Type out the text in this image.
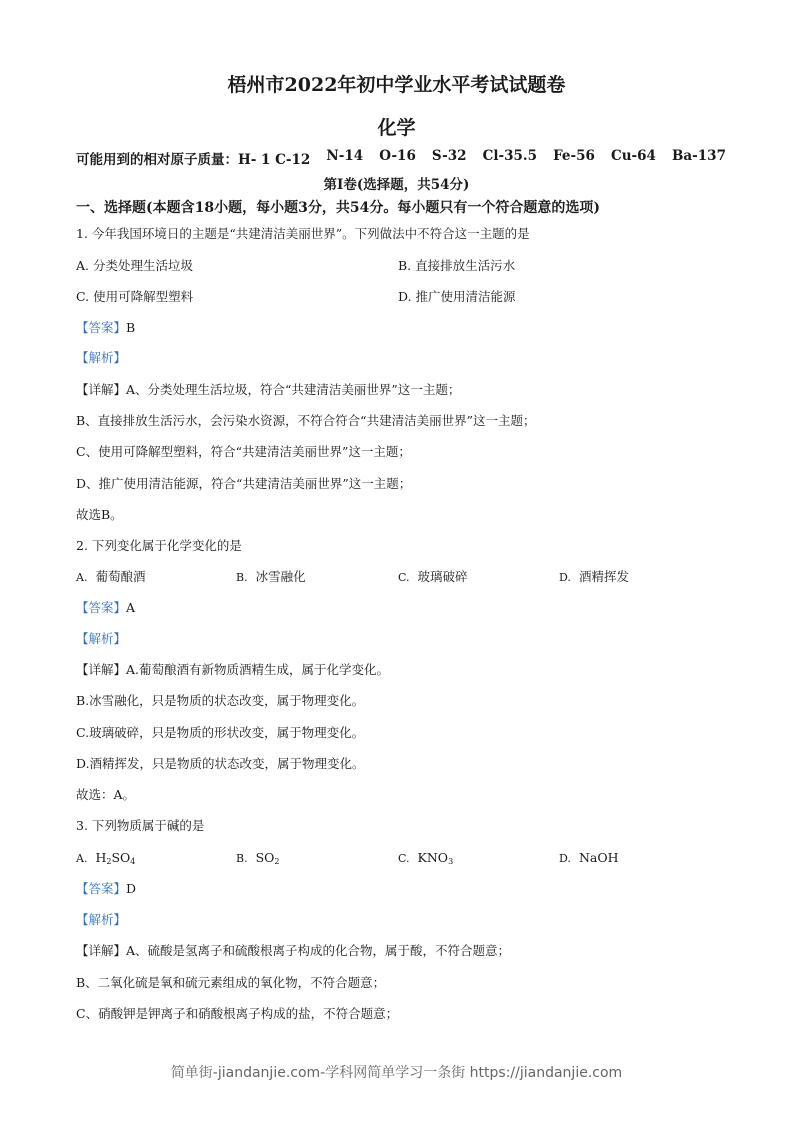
梧州市2022年初中学业水平考试试题卷
化学
可能用到的相对原子质量：H- 1 C-12 N-14 O-16 S-32 Cl-35.5 Fe-56 Cu-64 Ba-137
第Ⅰ卷(选择题，共54分)
一、选择题(本题含18小题，每小题3分，共54分。每小题只有一个符合题意的选项)
1. 今年我国环境日的主题是“共建清洁美丽世界”。下列做法中不符合这一主题的是
A. 分类处理生活垃圾	B. 直接排放生活污水
C. 使用可降解型塑料	D. 推广使用清洁能源
【答案】B
【解析】
【详解】A、分类处理生活垃圾，符合“共建清洁美丽世界”这一主题；
B、直接排放生活污水，会污染水资源，不符合符合“共建清洁美丽世界”这一主题；
C、使用可降解型塑料，符合“共建清洁美丽世界”这一主题；
D、推广使用清洁能源，符合“共建清洁美丽世界”这一主题；
故选B。
2. 下列变化属于化学变化的是
A. 葡萄酿酒	B. 冰雪融化	C. 玻璃破碎	D. 酒精挥发
【答案】A
【解析】
【详解】A.葡萄酿酒有新物质酒精生成，属于化学变化。
B.冰雪融化，只是物质的状态改变，属于物理变化。
C.玻璃破碎，只是物质的形状改变，属于物理变化。
D.酒精挥发，只是物质的状态改变，属于物理变化。
故选：A。
3. 下列物质属于碱的是
A. $H_2SO_4$	B. $SO_2$	C. $KNO_3$	D. NaOH
【答案】D
【解析】
【详解】A、硫酸是氢离子和硫酸根离子构成的化合物，属于酸，不符合题意；
B、二氧化硫是氧和硫元素组成的氧化物，不符合题意；
C、硝酸钾是钾离子和硝酸根离子构成的盐，不符合题意；
简单街-jiandanjie.com-学科网简单学习一条街 https://jiandanjie.com
